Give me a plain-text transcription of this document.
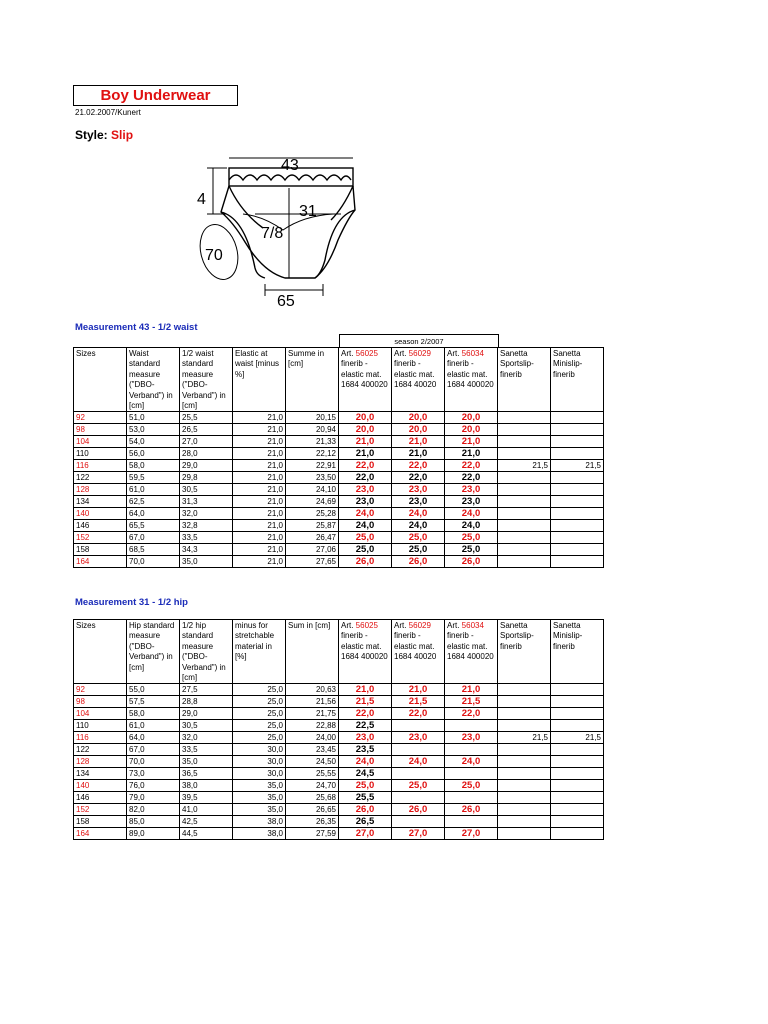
Boy Underwear
21.02.2007/Kunert
Style: Slip
43
4
31
7/8
70
65
Measurement 43 - 1/2 waist
season 2/2007
Sizes	Waist standard measure ("DBO-Verband") in [cm]	1/2 waist standard measure ("DBO-Verband") in [cm]	Elastic at waist [minus %]	Summe in [cm]	Art. 56025 finerib - elastic mat. 1684 400020	Art. 56029 finerib - elastic mat. 1684 40020	Art. 56034 finerib - elastic mat. 1684 400020	Sanetta Sportslip-finerib	Sanetta Minislip-finerib
92	51,0	25,5	21,0	20,15	20,0	20,0	20,0		
98	53,0	26,5	21,0	20,94	20,0	20,0	20,0		
104	54,0	27,0	21,0	21,33	21,0	21,0	21,0		
110	56,0	28,0	21,0	22,12	21,0	21,0	21,0		
116	58,0	29,0	21,0	22,91	22,0	22,0	22,0	21,5	21,5
122	59,5	29,8	21,0	23,50	22,0	22,0	22,0		
128	61,0	30,5	21,0	24,10	23,0	23,0	23,0		
134	62,5	31,3	21,0	24,69	23,0	23,0	23,0		
140	64,0	32,0	21,0	25,28	24,0	24,0	24,0		
146	65,5	32,8	21,0	25,87	24,0	24,0	24,0		
152	67,0	33,5	21,0	26,47	25,0	25,0	25,0		
158	68,5	34,3	21,0	27,06	25,0	25,0	25,0		
164	70,0	35,0	21,0	27,65	26,0	26,0	26,0		
Measurement 31 - 1/2 hip
Sizes	Hip standard measure ("DBO-Verband") in [cm]	1/2 hip standard measure ("DBO-Verband") in [cm]	minus for stretchable material in [%]	Sum in [cm]	Art. 56025 finerib - elastic mat. 1684 400020	Art. 56029 finerib - elastic mat. 1684 40020	Art. 56034 finerib - elastic mat. 1684 400020	Sanetta Sportslip-finerib	Sanetta Minislip-finerib
92	55,0	27,5	25,0	20,63	21,0	21,0	21,0		
98	57,5	28,8	25,0	21,56	21,5	21,5	21,5		
104	58,0	29,0	25,0	21,75	22,0	22,0	22,0		
110	61,0	30,5	25,0	22,88	22,5				
116	64,0	32,0	25,0	24,00	23,0	23,0	23,0	21,5	21,5
122	67,0	33,5	30,0	23,45	23,5				
128	70,0	35,0	30,0	24,50	24,0	24,0	24,0		
134	73,0	36,5	30,0	25,55	24,5				
140	76,0	38,0	35,0	24,70	25,0	25,0	25,0		
146	79,0	39,5	35,0	25,68	25,5				
152	82,0	41,0	35,0	26,65	26,0	26,0	26,0		
158	85,0	42,5	38,0	26,35	26,5				
164	89,0	44,5	38,0	27,59	27,0	27,0	27,0		
